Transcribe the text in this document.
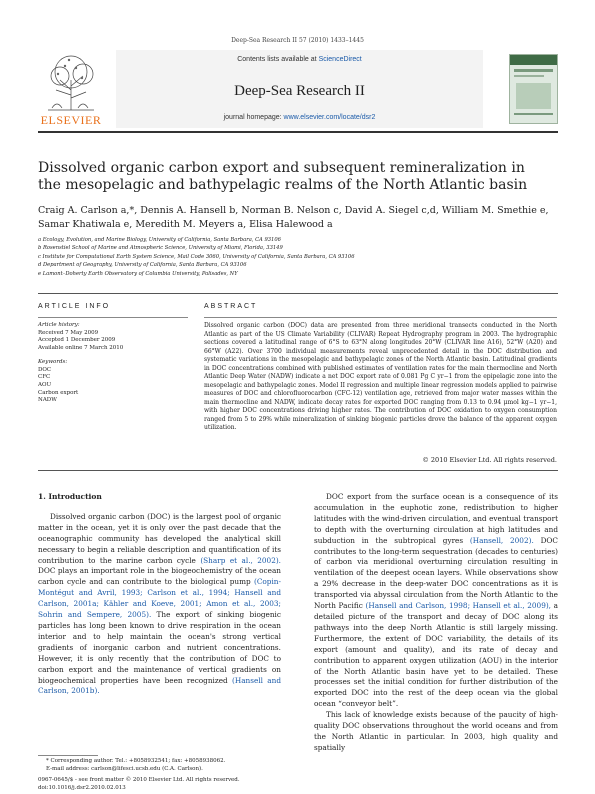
Deep-Sea Research II 57 (2010) 1433–1445
ELSEVIER
Contents lists available at ScienceDirect
Deep-Sea Research II
journal homepage: www.elsevier.com/locate/dsr2
Dissolved organic carbon export and subsequent remineralization in the mesopelagic and bathypelagic realms of the North Atlantic basin
Craig A. Carlson a,*, Dennis A. Hansell b, Norman B. Nelson c, David A. Siegel c,d, William M. Smethie e, Samar Khatiwala e, Meredith M. Meyers a, Elisa Halewood a
a Ecology, Evolution, and Marine Biology, University of California, Santa Barbara, CA 93106
b Rosenstiel School of Marine and Atmospheric Science, University of Miami, Florida, 33149
c Institute for Computational Earth System Science, Mail Code 3060, University of California, Santa Barbara, CA 93106
d Department of Geography, University of California, Santa Barbara, CA 93106
e Lamont–Doherty Earth Observatory of Columbia University, Palisades, NY
ARTICLE INFO
Article history:
Received 7 May 2009
Accepted 1 December 2009
Available online 7 March 2010
Keywords:
DOC
CFC
AOU
Carbon export
NADW
ABSTRACT
Dissolved organic carbon (DOC) data are presented from three meridional transects conducted in the North Atlantic as part of the US Climate Variability (CLIVAR) Repeat Hydrography program in 2003. The hydrographic sections covered a latitudinal range of 6°S to 63°N along longitudes 20°W (CLIVAR line A16), 52°W (A20) and 66°W (A22). Over 3700 individual measurements reveal unprecedented detail in the DOC distribution and systematic variations in the mesopelagic and bathypelagic zones of the North Atlantic basin. Latitudinal gradients in DOC concentrations combined with published estimates of ventilation rates for the main thermocline and North Atlantic Deep Water (NADW) indicate a net DOC export rate of 0.081 Pg C yr−1 from the epipelagic zone into the mesopelagic and bathypelagic zones. Model II regression and multiple linear regression models applied to pairwise measures of DOC and chlorofluorocarbon (CFC-12) ventilation age, retrieved from major water masses within the main thermocline and NADW, indicate decay rates for exported DOC ranging from 0.13 to 0.94 μmol kg−1 yr−1, with higher DOC concentrations driving higher rates. The contribution of DOC oxidation to oxygen consumption ranged from 5 to 29% while mineralization of sinking biogenic particles drove the balance of the apparent oxygen utilization.
© 2010 Elsevier Ltd. All rights reserved.
1. Introduction
Dissolved organic carbon (DOC) is the largest pool of organic matter in the ocean, yet it is only over the past decade that the oceanographic community has developed the analytical skill necessary to begin a reliable description and quantification of its contribution to the marine carbon cycle (Sharp et al., 2002). DOC plays an important role in the biogeochemistry of the ocean carbon cycle and can contribute to the biological pump (Copin-Montégut and Avril, 1993; Carlson et al., 1994; Hansell and Carlson, 2001a; Kähler and Koeve, 2001; Amon et al., 2003; Sohrin and Sempere, 2005). The export of sinking biogenic particles has long been known to drive respiration in the ocean interior and to help maintain the ocean's strong vertical gradients of inorganic carbon and nutrient concentrations. However, it is only recently that the contribution of DOC to carbon export and the maintenance of vertical gradients on biogeochemical properties have been recognized (Hansell and Carlson, 2001b).
* Corresponding author. Tel.: +8058932541; fax: +8058938062.
E-mail address: carlson@lifesci.ucsb.edu (C.A. Carlson).
0967-0645/$ - see front matter © 2010 Elsevier Ltd. All rights reserved.
doi:10.1016/j.dsr2.2010.02.013
DOC export from the surface ocean is a consequence of its accumulation in the euphotic zone, redistribution to higher latitudes with the wind-driven circulation, and eventual transport to depth with the overturning circulation at high latitudes and subduction in the subtropical gyres (Hansell, 2002). DOC contributes to the long-term sequestration (decades to centuries) of carbon via meridional overturning circulation resulting in ventilation of the deepest ocean layers. While observations show a 29% decrease in the deep-water DOC concentrations as it is transported via abyssal circulation from the North Atlantic to the North Pacific (Hansell and Carlson, 1998; Hansell et al., 2009), a detailed picture of the transport and decay of DOC along its pathways into the deep North Atlantic is still largely missing. Furthermore, the extent of DOC variability, the details of its export (amount and quality), and its rate of decay and contribution to apparent oxygen utilization (AOU) in the interior of the North Atlantic basin have yet to be detailed. These processes set the initial condition for further distribution of the exported DOC into the rest of the deep ocean via the global ocean “conveyor belt”.
This lack of knowledge exists because of the paucity of high-quality DOC observations throughout the world oceans and from the North Atlantic in particular. In 2003, high quality and spatially
